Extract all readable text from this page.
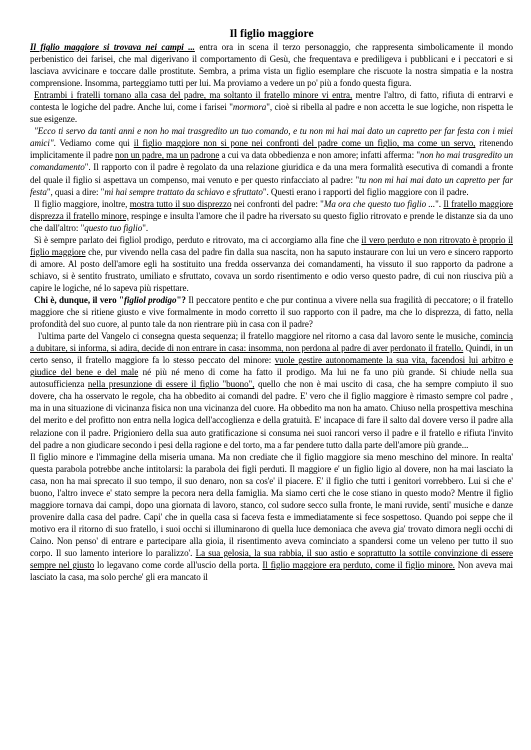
Il figlio maggiore

Il figlio maggiore si trovava nei campi ... entra ora in scena il terzo personaggio, che rappresenta simbolicamente il mondo perbenistico dei farisei, che mal digerivano il comportamento di Gesù, che frequentava e prediligeva i pubblicani e i peccatori e si lasciava avvicinare e toccare dalle prostitute. Sembra, a prima vista un figlio esemplare che riscuote la nostra simpatia e la nostra comprensione. Insomma, parteggiamo tutti per lui. Ma proviamo a vedere un po' più a fondo questa figura.

Entrambi i fratelli tornano alla casa del padre, ma soltanto il fratello minore vi entra, mentre l'altro, di fatto, rifiuta di entrarvi e contesta le logiche del padre. Anche lui, come i farisei "mormora", cioè si ribella al padre e non accetta le sue logiche, non rispetta le sue esigenze.

"Ecco ti servo da tanti anni e non ho mai trasgredito un tuo comando, e tu non mi hai mai dato un capretto per far festa con i miei amici". Vediamo come qui il figlio maggiore non si pone nei confronti del padre come un figlio, ma come un servo, ritenendo implicitamente il padre non un padre, ma un padrone a cui va data obbedienza e non amore; infatti afferma: "non ho mai trasgredito un comandamento". Il rapporto con il padre è regolato da una relazione giuridica e da una mera formalità esecutiva di comandi a fronte del quale il figlio si aspettava un compenso, mai venuto e per questo rinfacciato al padre: "tu non mi hai mai dato un capretto per far festa", quasi a dire: "mi hai sempre trattato da schiavo e sfruttato". Questi erano i rapporti del figlio maggiore con il padre.

Il figlio maggiore, inoltre, mostra tutto il suo disprezzo nei confronti del padre: "Ma ora che questo tuo figlio ...". Il fratello maggiore disprezza il fratello minore, respinge e insulta l'amore che il padre ha riversato su questo figlio ritrovato e prende le distanze sia da uno che dall'altro: "questo tuo figlio".

Sì è sempre parlato dei figliol prodigo, perduto e ritrovato, ma ci accorgiamo alla fine che il vero perduto e non ritrovato è proprio il figlio maggiore che, pur vivendo nella casa del padre fin dalla sua nascita, non ha saputo instaurare con lui un vero e sincero rapporto di amore. Al posto dell'amore egli ha sostituito una fredda osservanza dei comandamenti, ha vissuto il suo rapporto da padrone a schiavo, si è sentito frustrato, umiliato e sfruttato, covava un sordo risentimento e odio verso questo padre, di cui non riusciva più a capire le logiche, né lo sapeva più rispettare.

Chi è, dunque, il vero "figliol prodigo"? Il peccatore pentito e che pur continua a vivere nella sua fragilità di peccatore; o il fratello maggiore che si ritiene giusto e vive formalmente in modo corretto il suo rapporto con il padre, ma che lo disprezza, di fatto, nella profondità del suo cuore, al punto tale da non rientrare più in casa con il padre?

l'ultima parte del Vangelo ci consegna questa sequenza; il fratello maggiore nel ritorno a casa dal lavoro sente le musiche, comincia a dubitare, si informa, si adira, decide di non entrare in casa: insomma, non perdona al padre di aver perdonato il fratello. Quindi, in un certo senso, il fratello maggiore fa lo stesso peccato del minore: vuole gestire autonomamente la sua vita, facendosi lui arbitro e giudice del bene e del male né più né meno di come ha fatto il prodigo. Ma lui ne fa uno più grande. Si chiude nella sua autosufficienza nella presunzione di essere il figlio "buono", quello che non è mai uscito di casa, che ha sempre compiuto il suo dovere, cha ha osservato le regole, cha ha obbedito ai comandi del padre. E' vero che il figlio maggiore è rimasto sempre col padre , ma in una situazione di vicinanza fisica non una vicinanza del cuore. Ha obbedito ma non ha amato. Chiuso nella prospettiva meschina del merito e del profitto non entra nella logica dell'accoglienza e della gratuità. E' incapace di fare il salto dal dovere verso il padre alla relazione con il padre. Prigioniero della sua auto gratificazione si consuma nei suoi rancori verso il padre e il fratello e rifiuta l'invito del padre a non giudicare secondo i pesi della ragione e del torto, ma a far pendere tutto dalla parte dell'amore più grande...

Il figlio minore e l'immagine della miseria umana. Ma non crediate che il figlio maggiore sia meno meschino del minore. In realta' questa parabola potrebbe anche intitolarsi: la parabola dei figli perduti. Il maggiore e' un figlio ligio al dovere, non ha mai lasciato la casa, non ha mai sprecato il suo tempo, il suo denaro, non sa cos'e' il piacere. E' il figlio che tutti i genitori vorrebbero. Lui si che e' buono, l'altro invece e' stato sempre la pecora nera della famiglia. Ma siamo certi che le cose stiano in questo modo? Mentre il figlio maggiore tornava dai campi, dopo una giornata di lavoro, stanco, col sudore secco sulla fronte, le mani ruvide, senti' musiche e danze provenire dalla casa del padre. Capi' che in quella casa si faceva festa e immediatamente si fece sospettoso. Quando poi seppe che il motivo era il ritorno di suo fratello, i suoi occhi si illuminarono di quella luce demoniaca che aveva gia' trovato dimora negli occhi di Caino. Non penso' di entrare e partecipare alla gioia, il risentimento aveva cominciato a spandersi come un veleno per tutto il suo corpo. Il suo lamento interiore lo paralizzo'. La sua gelosia, la sua rabbia, il suo astio e soprattutto la sottile convinzione di essere sempre nel giusto lo legavano come corde all'uscio della porta. Il figlio maggiore era perduto, come il figlio minore. Non aveva mai lasciato la casa, ma solo perche' gli era mancato il
